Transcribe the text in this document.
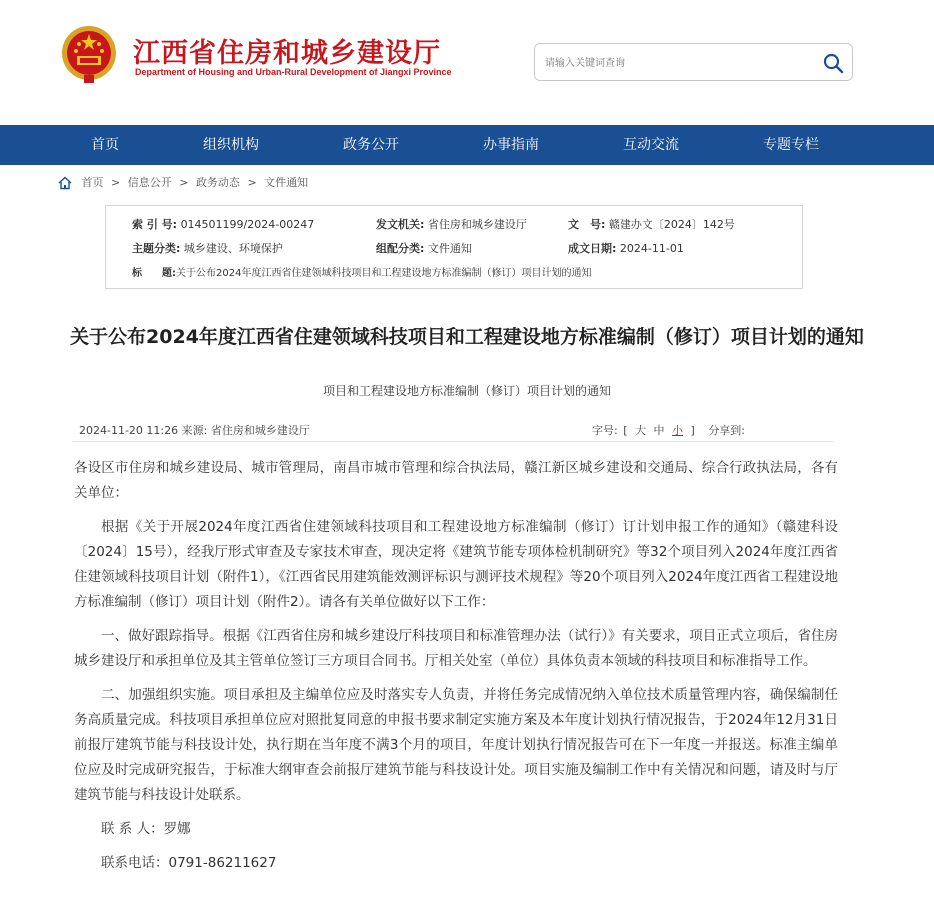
江西省住房和城乡建设厅
Department of Housing and Urban-Rural Development of Jiangxi Province
请输入关键词查询
首页	组织机构	政务公开	办事指南	互动交流	专题专栏
首页 > 信息公开 > 政务动态 > 文件通知
索 引 号: 014501199/2024-00247	发文机关: 省住房和城乡建设厅	文　号: 赣建办文〔2024〕142号
主题分类: 城乡建设、环境保护	组配分类: 文件通知	成文日期: 2024-11-01
标　　题:关于公布2024年度江西省住建领域科技项目和工程建设地方标准编制（修订）项目计划的通知
关于公布2024年度江西省住建领域科技项目和工程建设地方标准编制（修订）项目计划的通知
项目和工程建设地方标准编制（修订）项目计划的通知
2024-11-20 11:26 来源: 省住房和城乡建设厅	字号: [ 大 中 小 ] 分享到:

各设区市住房和城乡建设局、城市管理局，南昌市城市管理和综合执法局，赣江新区城乡建设和交通局、综合行政执法局，各有关单位：

根据《关于开展2024年度江西省住建领域科技项目和工程建设地方标准编制（修订）订计划申报工作的通知》（赣建科设〔2024〕15号），经我厅形式审查及专家技术审查，现决定将《建筑节能专项体检机制研究》等32个项目列入2024年度江西省住建领域科技项目计划（附件1），《江西省民用建筑能效测评标识与测评技术规程》等20个项目列入2024年度江西省工程建设地方标准编制（修订）项目计划（附件2）。请各有关单位做好以下工作：

一、做好跟踪指导。根据《江西省住房和城乡建设厅科技项目和标准管理办法（试行）》有关要求，项目正式立项后，省住房城乡建设厅和承担单位及其主管单位签订三方项目合同书。厅相关处室（单位）具体负责本领域的科技项目和标准指导工作。

二、加强组织实施。项目承担及主编单位应及时落实专人负责，并将任务完成情况纳入单位技术质量管理内容，确保编制任务高质量完成。科技项目承担单位应对照批复同意的申报书要求制定实施方案及本年度计划执行情况报告，于2024年12月31日前报厅建筑节能与科技设计处，执行期在当年度不满3个月的项目，年度计划执行情况报告可在下一年度一并报送。标准主编单位应及时完成研究报告，于标准大纲审查会前报厅建筑节能与科技设计处。项目实施及编制工作中有关情况和问题，请及时与厅建筑节能与科技设计处联系。

联 系 人：罗娜

联系电话：0791-86211627
